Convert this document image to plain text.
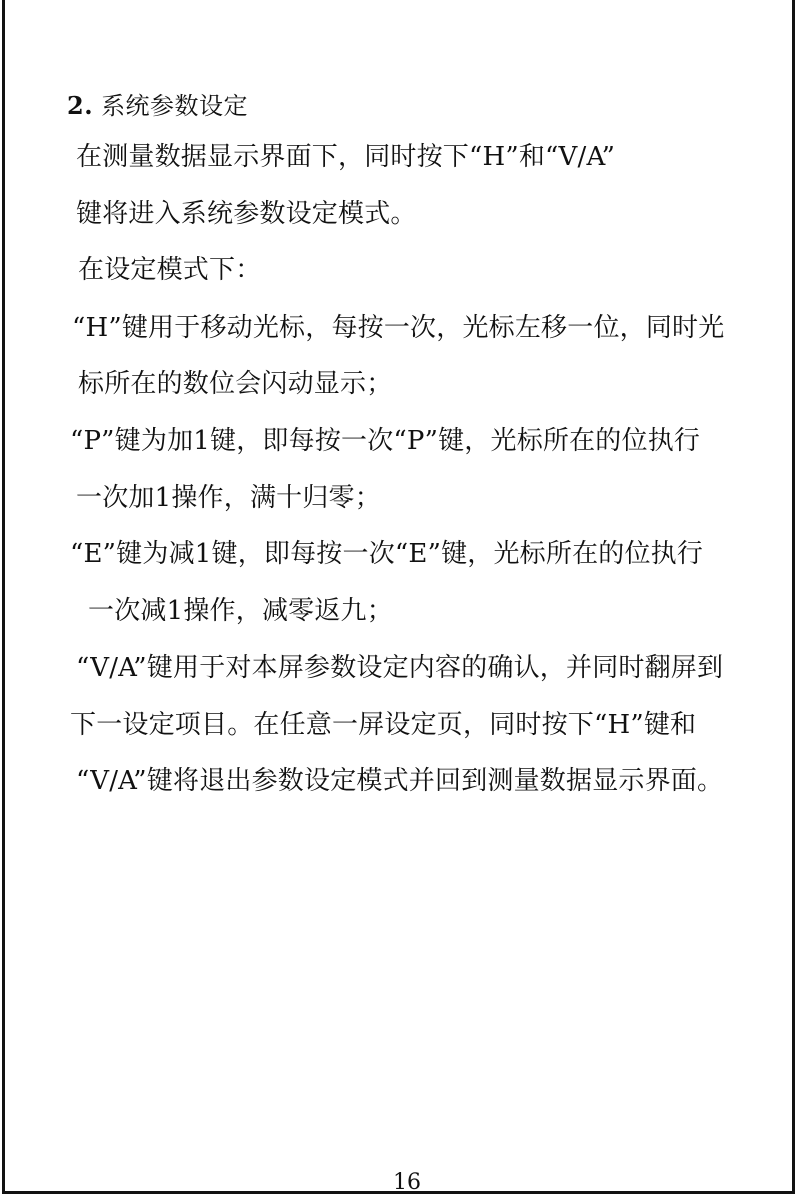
2. 系统参数设定
在测量数据显示界面下，同时按下“H”和“V/A”
键将进入系统参数设定模式。
在设定模式下：
“H”键用于移动光标，每按一次，光标左移一位，同时光
标所在的数位会闪动显示；
“P”键为加1键，即每按一次“P”键，光标所在的位执行
一次加1操作，满十归零；
“E”键为减1键，即每按一次“E”键，光标所在的位执行
一次减1操作，减零返九；
“V/A”键用于对本屏参数设定内容的确认，并同时翻屏到
下一设定项目。在任意一屏设定页，同时按下“H”键和
“V/A”键将退出参数设定模式并回到测量数据显示界面。
16
